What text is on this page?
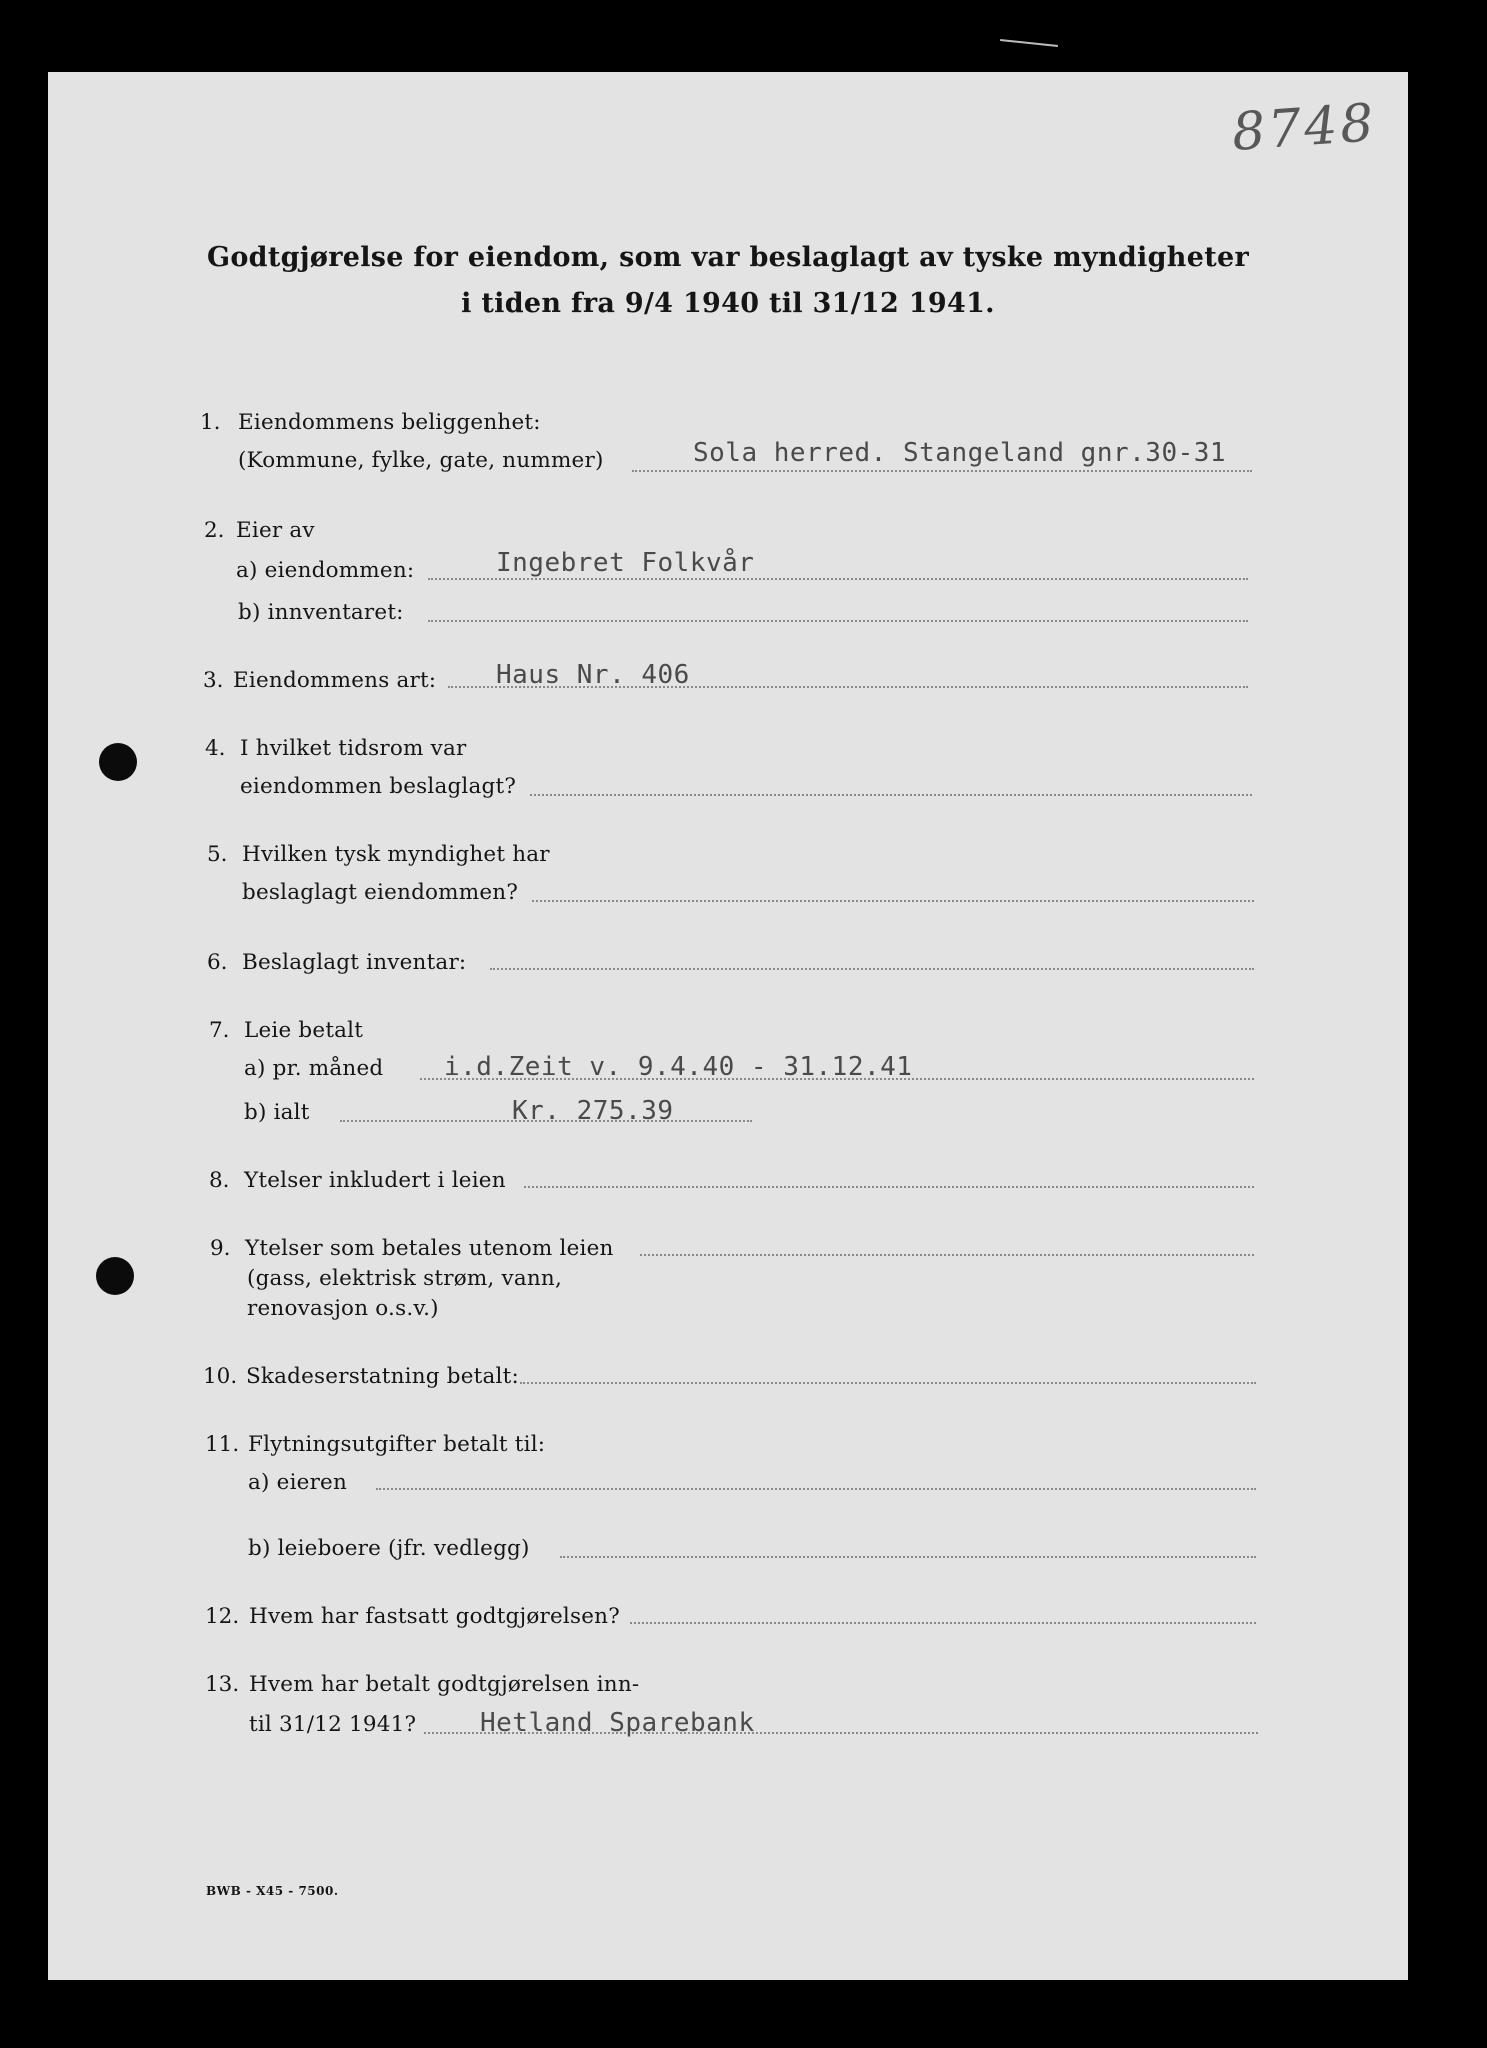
8748
Godtgjørelse for eiendom, som var beslaglagt av tyske myndigheter
i tiden fra 9/4 1940 til 31/12 1941.
1. Eiendommens beliggenhet:
(Kommune, fylke, gate, nummer)	Sola herred. Stangeland gnr.30-31
2. Eier av
a) eiendommen:	Ingebret Folkvår
b) innventaret:
3. Eiendommens art: Haus Nr. 406
4. I hvilket tidsrom var
eiendommen beslaglagt?
5. Hvilken tysk myndighet har
beslaglagt eiendommen?
6. Beslaglagt inventar:
7. Leie betalt
a) pr. måned i.d.Zeit v. 9.4.40 - 31.12.41
b) ialt	Kr. 275.39
8. Ytelser inkludert i leien
9. Ytelser som betales utenom leien
(gass, elektrisk strøm, vann,
renovasjon o.s.v.)
10. Skadeserstatning betalt:
11. Flytningsutgifter betalt til:
a) eieren
b) leieboere (jfr. vedlegg)
12. Hvem har fastsatt godtgjørelsen?
13. Hvem har betalt godtgjørelsen inn-
til 31/12 1941? Hetland Sparebank
BWB - X45 - 7500.
